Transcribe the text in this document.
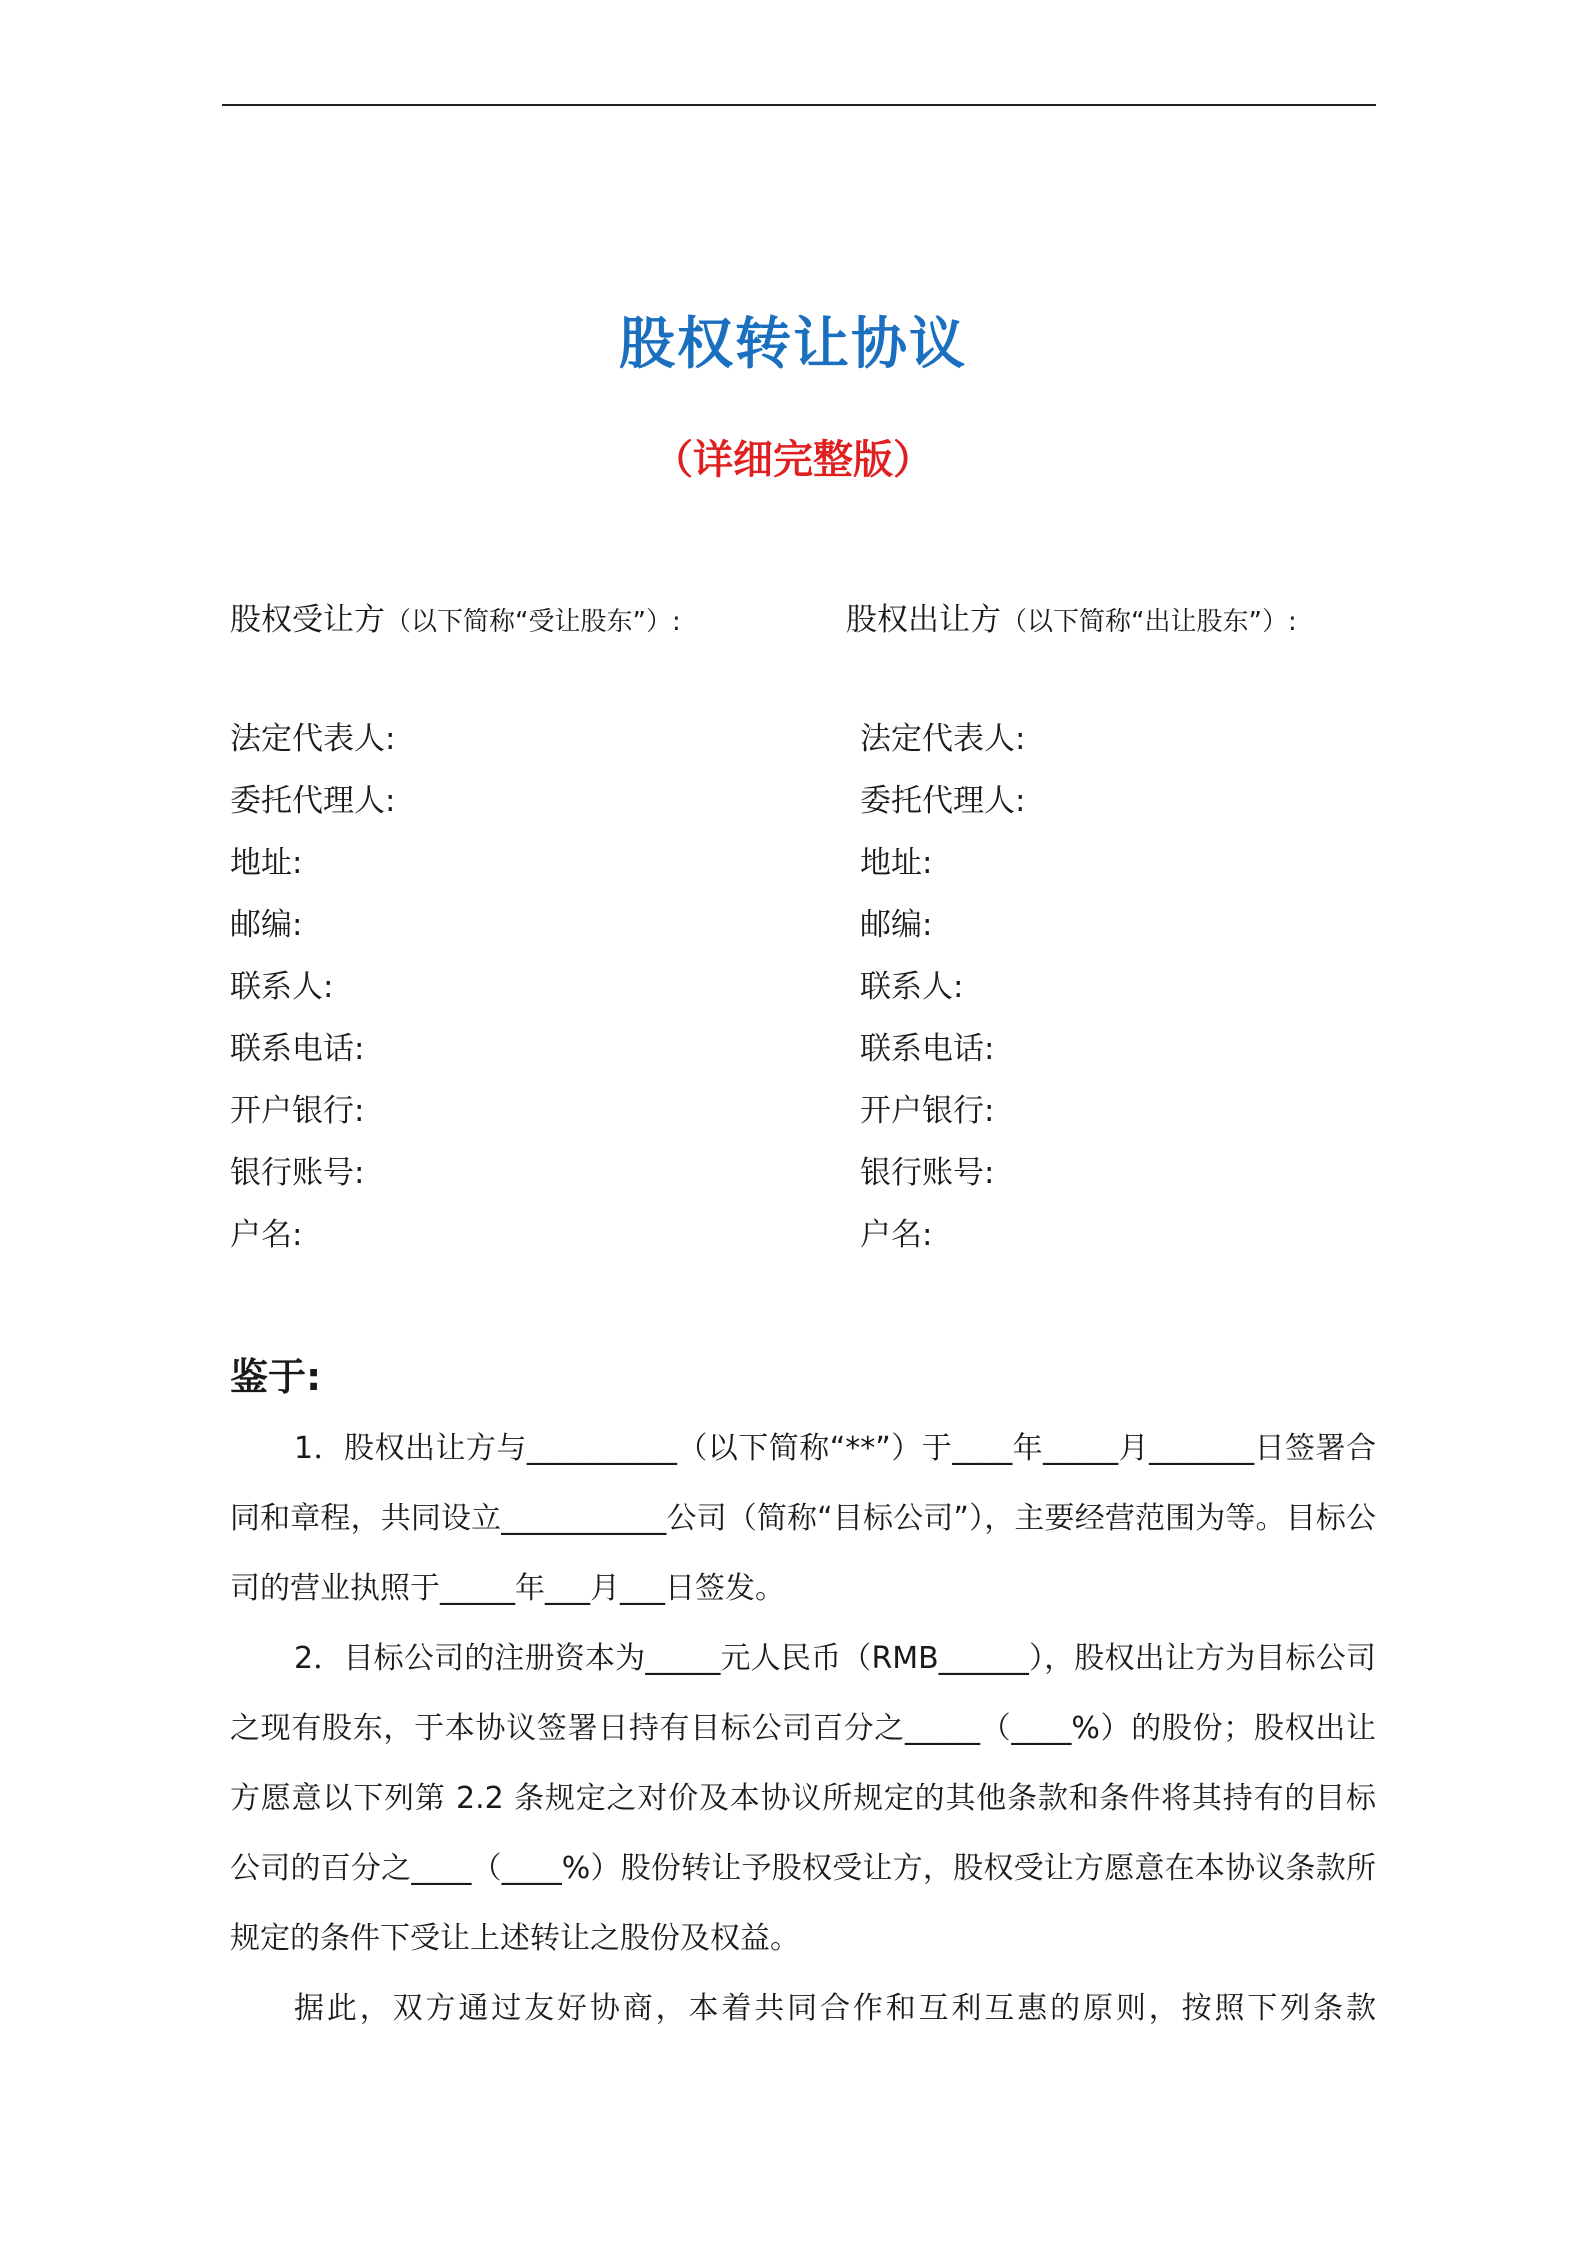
股权转让协议
（详细完整版）
股权受让方（以下简称“受让股东”）:	股权出让方（以下简称“出让股东”）:
法定代表人:
委托代理人:
地址:
邮编:
联系人:
联系电话:
开户银行:
银行账号:
户名:
法定代表人:
委托代理人:
地址:
邮编:
联系人:
联系电话:
开户银行:
银行账号:
户名:
鉴于:

1．股权出让方与__________（以下简称“**”）于____年_____月_______日签署合同和章程，共同设立___________公司（简称“目标公司”），主要经营范围为等。目标公司的营业执照于_____年___月___日签发。

2．目标公司的注册资本为_____元人民币（RMB______），股权出让方为目标公司之现有股东，于本协议签署日持有目标公司百分之_____（____%）的股份；股权出让方愿意以下列第 2.2 条规定之对价及本协议所规定的其他条款和条件将其持有的目标公司的百分之____（____%）股份转让予股权受让方，股权受让方愿意在本协议条款所规定的条件下受让上述转让之股份及权益。

据此，双方通过友好协商，本着共同合作和互利互惠的原则，按照下列条款
